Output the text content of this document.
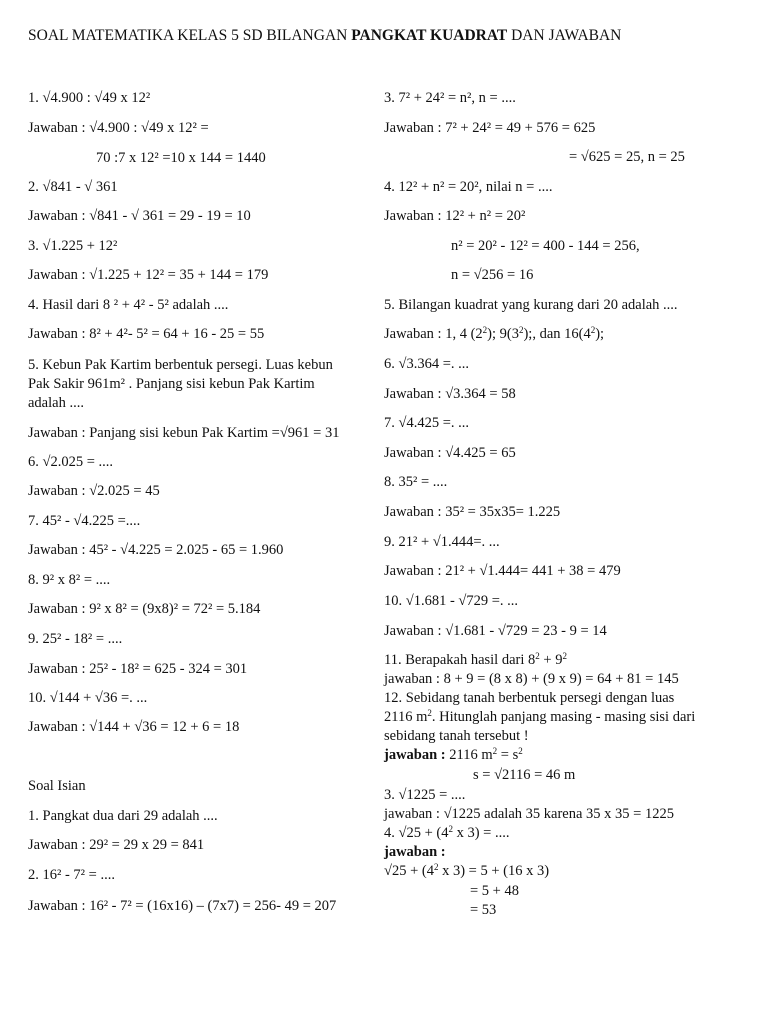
SOAL MATEMATIKA KELAS 5 SD BILANGAN PANGKAT KUADRAT DAN JAWABAN
1. √4.900 : √49 x 12²
Jawaban : √4.900 : √49 x 12² =
70 :7 x 12² =10 x 144 = 1440
2. √841 - √ 361
Jawaban : √841 - √ 361 = 29 - 19 = 10
3. √1.225 + 12²
Jawaban : √1.225 + 12² = 35 + 144 = 179
4. Hasil dari 8 ² + 4² - 5² adalah ....
Jawaban : 8² + 4²- 5² = 64 + 16 - 25 = 55
5. Kebun Pak Kartim berbentuk persegi. Luas kebun Pak Sakir 961m² . Panjang sisi kebun Pak Kartim adalah ....
Jawaban : Panjang sisi kebun Pak Kartim =√961 = 31
6. √2.025 = ....
Jawaban : √2.025 = 45
7. 45² - √4.225 =....
Jawaban : 45² - √4.225 = 2.025 - 65 = 1.960
8. 9² x 8² = ....
Jawaban : 9² x 8² = (9x8)² = 72² = 5.184
9. 25² - 18² = ....
Jawaban : 25² - 18² = 625 - 324 = 301
10. √144 + √36 =. ...
Jawaban : √144 + √36 = 12 + 6 = 18
Soal Isian
1. Pangkat dua dari 29 adalah ....
Jawaban : 29² = 29 x 29 = 841
2. 16² - 7² = ....
Jawaban : 16² - 7² = (16x16) – (7x7) = 256- 49 = 207
3. 7² + 24² = n², n = ....
Jawaban : 7² + 24² = 49 + 576 = 625
= √625 = 25, n = 25
4. 12² + n² = 20², nilai n = ....
Jawaban : 12² + n² = 20²
n² = 20² - 12² = 400 - 144 = 256,
n = √256 = 16
5. Bilangan kuadrat yang kurang dari 20 adalah ....
Jawaban : 1, 4 $(2^2)$; $9(3^2)$;, dan $16(4^2)$;
6. √3.364 =. ...
Jawaban : √3.364 = 58
7. √4.425 =. ...
Jawaban : √4.425 = 65
8. 35² = ....
Jawaban : 35² = 35x35= 1.225
9. 21² + √1.444=. ...
Jawaban : 21² + √1.444= 441 + 38 = 479
10. √1.681 - √729 =. ...
Jawaban : √1.681 - √729 = 23 - 9 = 14
11. Berapakah hasil dari $8^2 + 9^2$
jawaban : 8 + 9 = (8 x 8) + (9 x 9) = 64 + 81 = 145
12. Sebidang tanah berbentuk persegi dengan luas
2116 $m^2$. Hitunglah panjang masing - masing sisi dari
sebidang tanah tersebut !
jawaban : 2116 $m^2 = s^2$
s = √2116 = 46 m
3. √1225 = ....
jawaban : √1225 adalah 35 karena 35 x 35 = 1225
4. $√25 + (4^2$ x 3) = ....
jawaban :
$√25 + (4^2$ x 3) = 5 + (16 x 3)
= 5 + 48
= 53
